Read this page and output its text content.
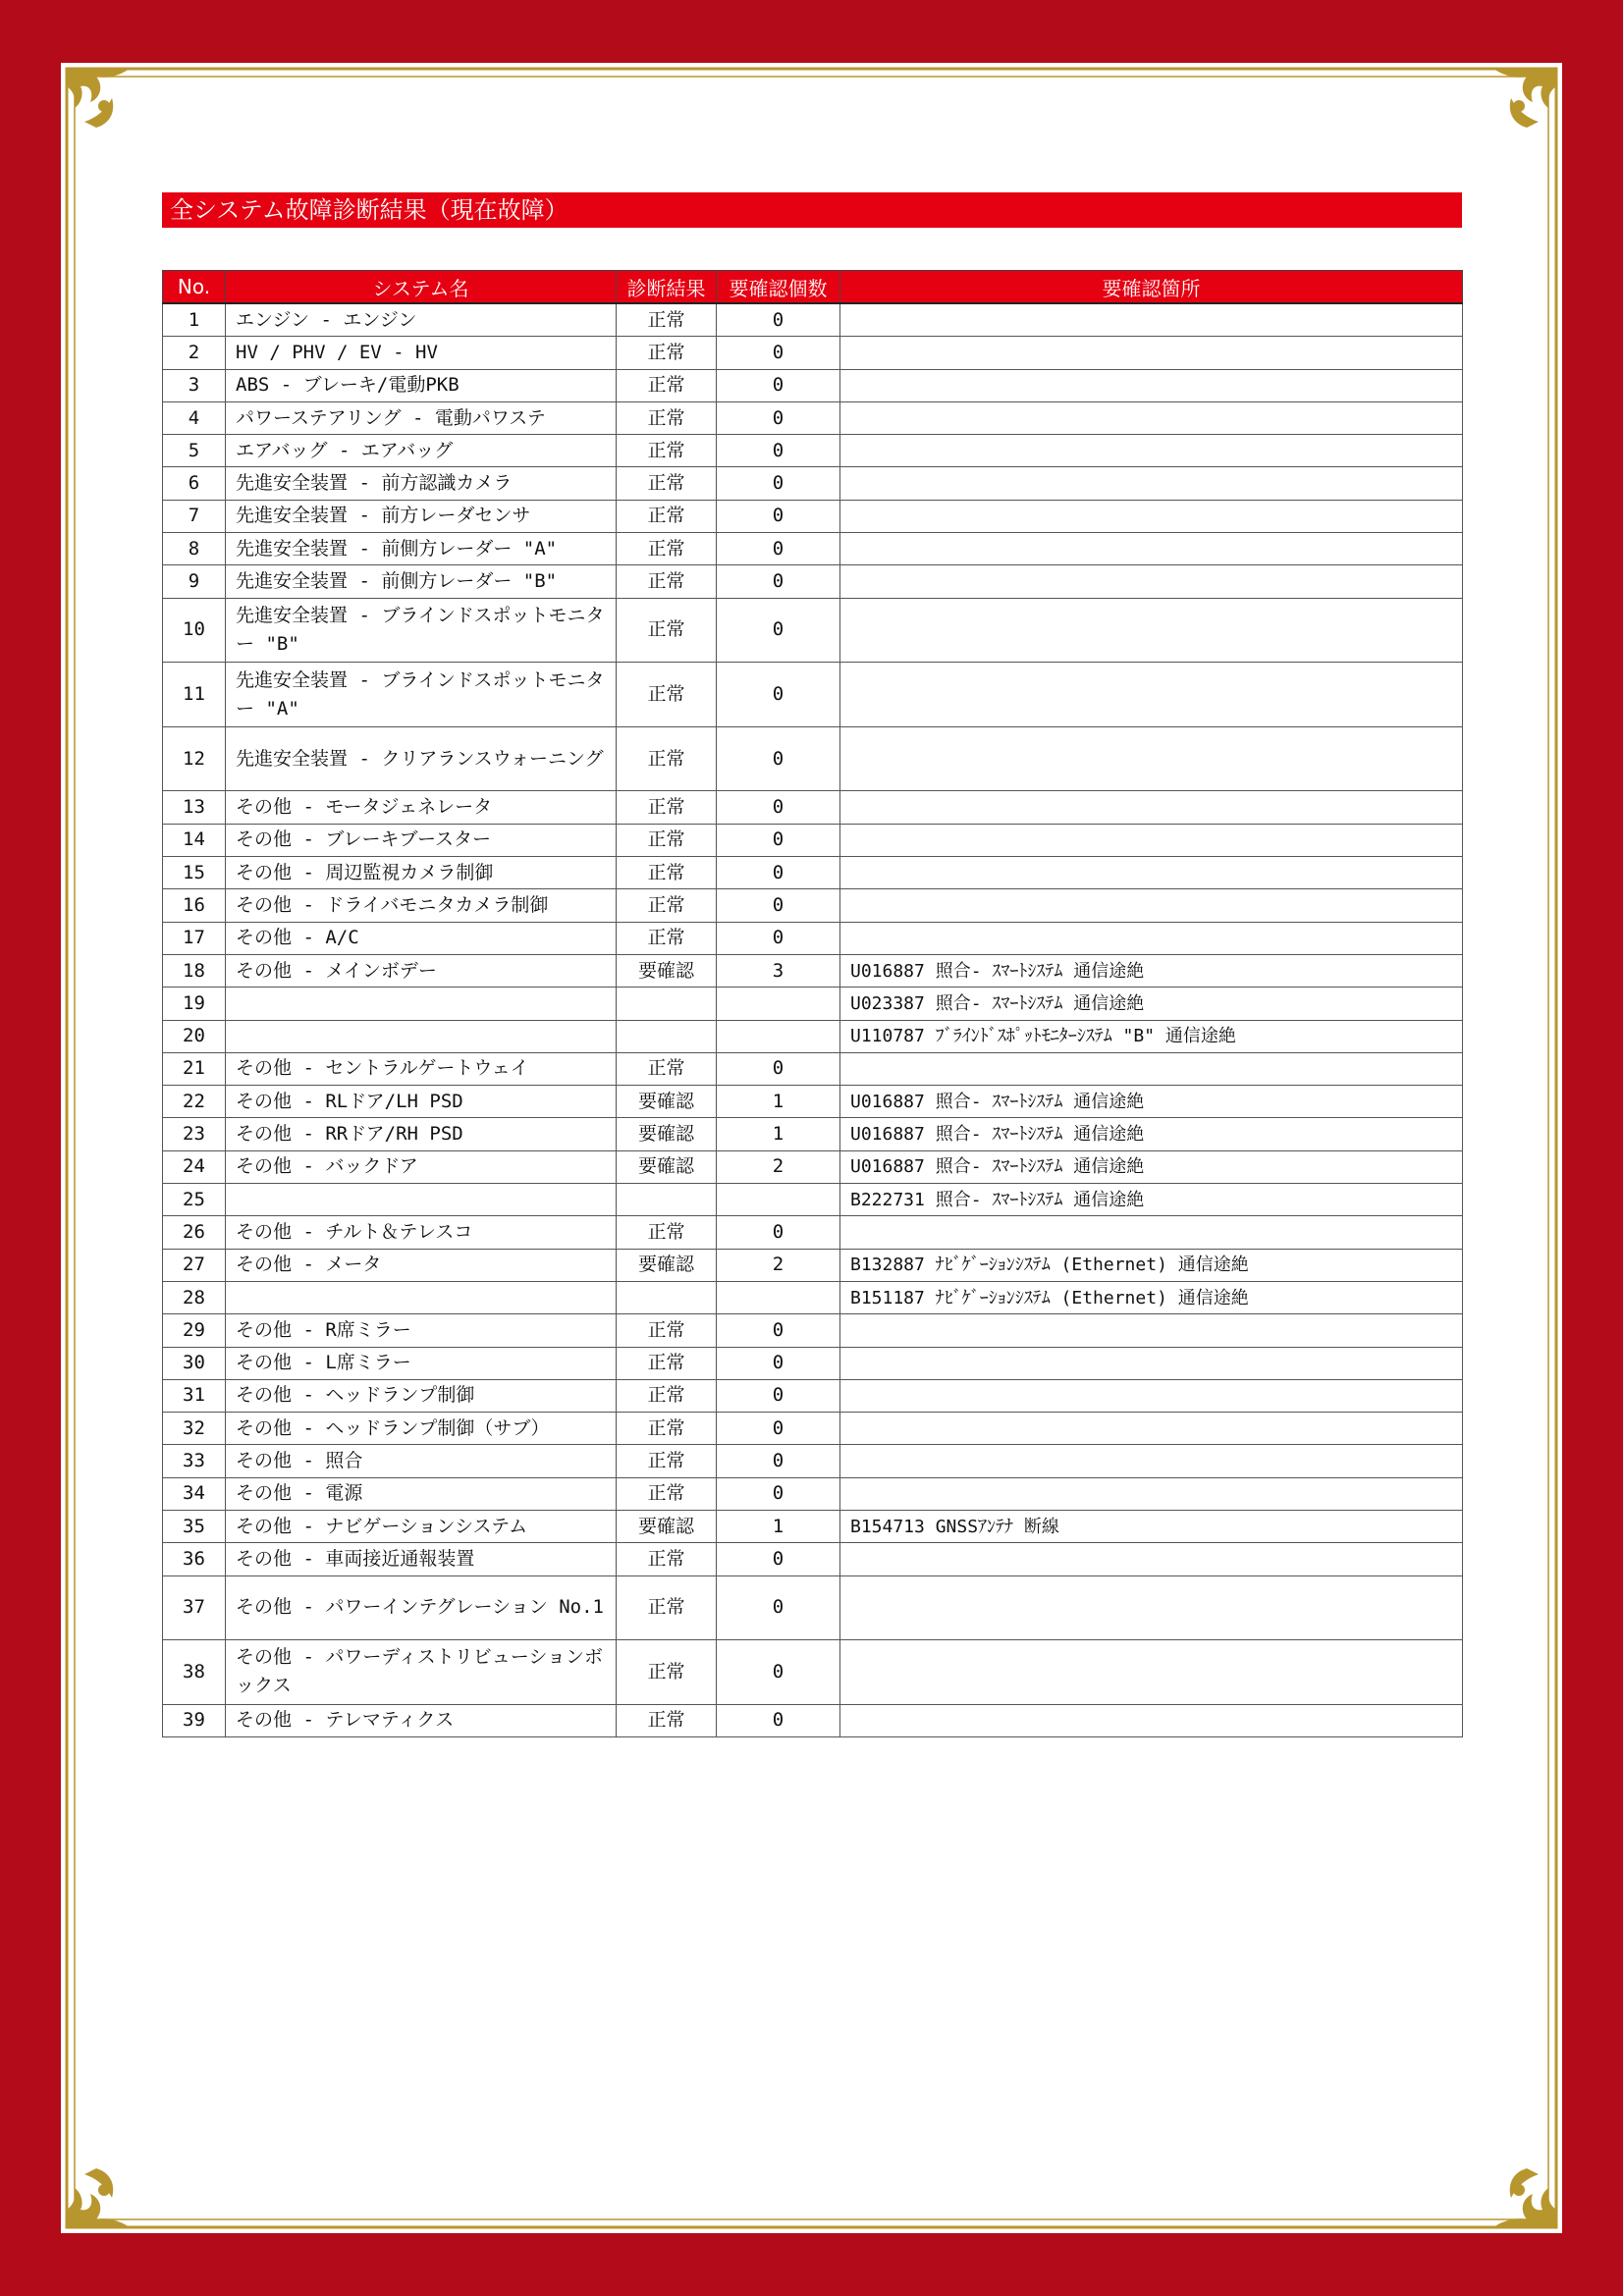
全システム故障診断結果（現在故障）
No.	システム名	診断結果	要確認個数	要確認箇所
1	エンジン - エンジン	正常	0	
2	HV / PHV / EV - HV	正常	0	
3	ABS - ブレーキ/電動PKB	正常	0	
4	パワーステアリング - 電動パワステ	正常	0	
5	エアバッグ - エアバッグ	正常	0	
6	先進安全装置 - 前方認識カメラ	正常	0	
7	先進安全装置 - 前方レーダセンサ	正常	0	
8	先進安全装置 - 前側方レーダー "A"	正常	0	
9	先進安全装置 - 前側方レーダー "B"	正常	0	
10	先進安全装置 - ブラインドスポットモニター "B"	正常	0	
11	先進安全装置 - ブラインドスポットモニター "A"	正常	0	
12	先進安全装置 - クリアランスウォーニング	正常	0	
13	その他 - モータジェネレータ	正常	0	
14	その他 - ブレーキブースター	正常	0	
15	その他 - 周辺監視カメラ制御	正常	0	
16	その他 - ドライバモニタカメラ制御	正常	0	
17	その他 - A/C	正常	0	
18	その他 - メインボデー	要確認	3	U016887 照合- ｽﾏｰﾄｼｽﾃﾑ 通信途絶
19				U023387 照合- ｽﾏｰﾄｼｽﾃﾑ 通信途絶
20				U110787 ﾌﾞﾗｲﾝﾄﾞｽﾎﾟｯﾄﾓﾆﾀｰｼｽﾃﾑ "B" 通信途絶
21	その他 - セントラルゲートウェイ	正常	0	
22	その他 - RLドア/LH PSD	要確認	1	U016887 照合- ｽﾏｰﾄｼｽﾃﾑ 通信途絶
23	その他 - RRドア/RH PSD	要確認	1	U016887 照合- ｽﾏｰﾄｼｽﾃﾑ 通信途絶
24	その他 - バックドア	要確認	2	U016887 照合- ｽﾏｰﾄｼｽﾃﾑ 通信途絶
25				B222731 照合- ｽﾏｰﾄｼｽﾃﾑ 通信途絶
26	その他 - チルト＆テレスコ	正常	0	
27	その他 - メータ	要確認	2	B132887 ﾅﾋﾞｹﾞｰｼｮﾝｼｽﾃﾑ (Ethernet) 通信途絶
28				B151187 ﾅﾋﾞｹﾞｰｼｮﾝｼｽﾃﾑ (Ethernet) 通信途絶
29	その他 - R席ミラー	正常	0	
30	その他 - L席ミラー	正常	0	
31	その他 - ヘッドランプ制御	正常	0	
32	その他 - ヘッドランプ制御（サブ）	正常	0	
33	その他 - 照合	正常	0	
34	その他 - 電源	正常	0	
35	その他 - ナビゲーションシステム	要確認	1	B154713 GNSSｱﾝﾃﾅ 断線
36	その他 - 車両接近通報装置	正常	0	
37	その他 - パワーインテグレーション No.1	正常	0	
38	その他 - パワーディストリビューションボックス	正常	0	
39	その他 - テレマティクス	正常	0	
